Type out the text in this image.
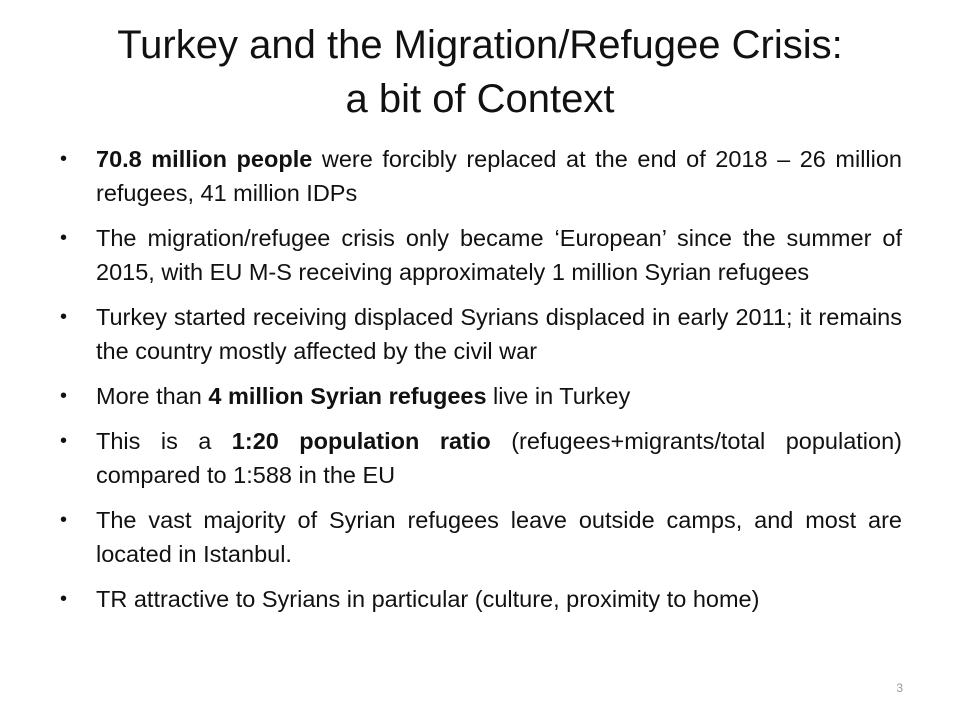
Turkey and the Migration/Refugee Crisis:
a bit of Context
•	70.8 million people were forcibly replaced at the end of 2018 – 26 million refugees, 41 million IDPs
•	The migration/refugee crisis only became ‘European’ since the summer of 2015, with EU M-S receiving approximately 1 million Syrian refugees
•	Turkey started receiving displaced Syrians displaced in early 2011; it remains the country mostly affected by the civil war
•	More than 4 million Syrian refugees live in Turkey
•	This is a 1:20 population ratio (refugees+migrants/total population) compared to 1:588 in the EU
•	The vast majority of Syrian refugees leave outside camps, and most are located in Istanbul.
•	TR attractive to Syrians in particular (culture, proximity to home)
3
